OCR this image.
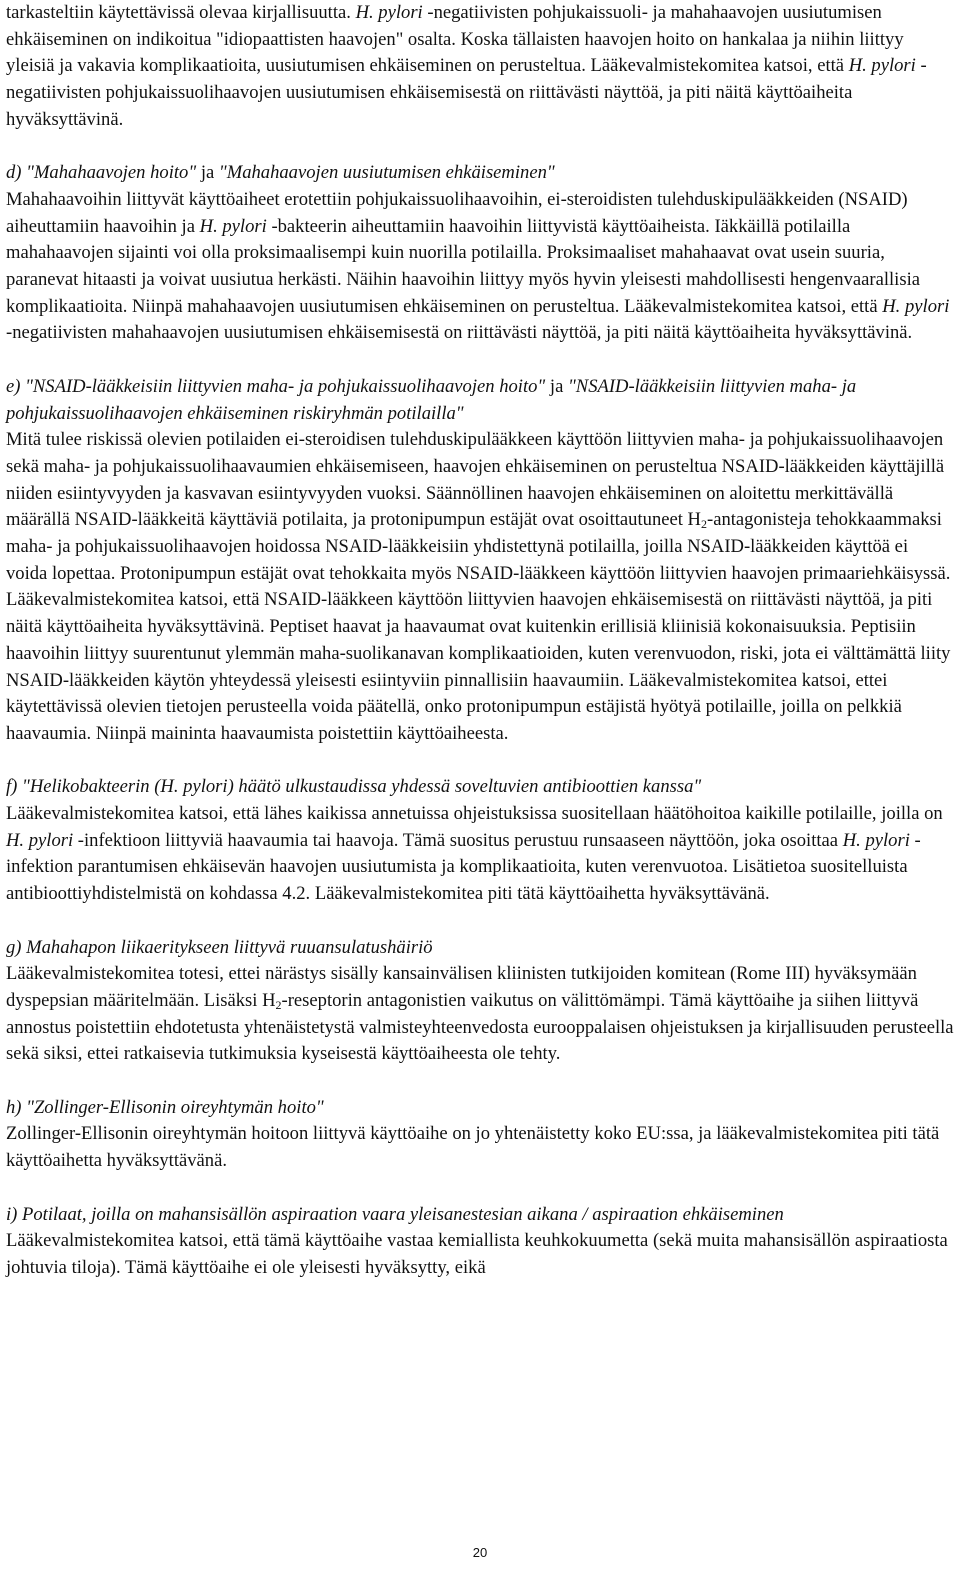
tarkasteltiin käytettävissä olevaa kirjallisuutta. H. pylori -negatiivisten pohjukaissuoli- ja mahahaavojen uusiutumisen ehkäiseminen on indikoitua "idiopaattisten haavojen" osalta. Koska tällaisten haavojen hoito on hankalaa ja niihin liittyy yleisiä ja vakavia komplikaatioita, uusiutumisen ehkäiseminen on perusteltua. Lääkevalmistekomitea katsoi, että H. pylori -negatiivisten pohjukaissuolihaavojen uusiutumisen ehkäisemisestä on riittävästi näyttöä, ja piti näitä käyttöaiheita hyväksyttävinä.

d) "Mahahaavojen hoito" ja "Mahahaavojen uusiutumisen ehkäiseminen"

Mahahaavoihin liittyvät käyttöaiheet erotettiin pohjukaissuolihaavoihin, ei-steroidisten tulehduskipulääkkeiden (NSAID) aiheuttamiin haavoihin ja H. pylori -bakteerin aiheuttamiin haavoihin liittyvistä käyttöaiheista. Iäkkäillä potilailla mahahaavojen sijainti voi olla proksimaalisempi kuin nuorilla potilailla. Proksimaaliset mahahaavat ovat usein suuria, paranevat hitaasti ja voivat uusiutua herkästi. Näihin haavoihin liittyy myös hyvin yleisesti mahdollisesti hengenvaarallisia komplikaatioita. Niinpä mahahaavojen uusiutumisen ehkäiseminen on perusteltua. Lääkevalmistekomitea katsoi, että H. pylori -negatiivisten mahahaavojen uusiutumisen ehkäisemisestä on riittävästi näyttöä, ja piti näitä käyttöaiheita hyväksyttävinä.

e) "NSAID-lääkkeisiin liittyvien maha- ja pohjukaissuolihaavojen hoito" ja "NSAID-lääkkeisiin liittyvien maha- ja pohjukaissuolihaavojen ehkäiseminen riskiryhmän potilailla"

Mitä tulee riskissä olevien potilaiden ei-steroidisen tulehduskipulääkkeen käyttöön liittyvien maha- ja pohjukaissuolihaavojen sekä maha- ja pohjukaissuolihaavaumien ehkäisemiseen, haavojen ehkäiseminen on perusteltua NSAID-lääkkeiden käyttäjillä niiden esiintyvyyden ja kasvavan esiintyvyyden vuoksi. Säännöllinen haavojen ehkäiseminen on aloitettu merkittävällä määrällä NSAID-lääkkeitä käyttäviä potilaita, ja protonipumpun estäjät ovat osoittautuneet $H_2$-antagonisteja tehokkaammaksi maha- ja pohjukaissuolihaavojen hoidossa NSAID-lääkkeisiin yhdistettynä potilailla, joilla NSAID-lääkkeiden käyttöä ei voida lopettaa. Protonipumpun estäjät ovat tehokkaita myös NSAID-lääkkeen käyttöön liittyvien haavojen primaariehkäisyssä. Lääkevalmistekomitea katsoi, että NSAID-lääkkeen käyttöön liittyvien haavojen ehkäisemisestä on riittävästi näyttöä, ja piti näitä käyttöaiheita hyväksyttävinä. Peptiset haavat ja haavaumat ovat kuitenkin erillisiä kliinisiä kokonaisuuksia. Peptisiin haavoihin liittyy suurentunut ylemmän maha-suolikanavan komplikaatioiden, kuten verenvuodon, riski, jota ei välttämättä liity NSAID-lääkkeiden käytön yhteydessä yleisesti esiintyviin pinnallisiin haavaumiin. Lääkevalmistekomitea katsoi, ettei käytettävissä olevien tietojen perusteella voida päätellä, onko protonipumpun estäjistä hyötyä potilaille, joilla on pelkkiä haavaumia. Niinpä maininta haavaumista poistettiin käyttöaiheesta.

f) "Helikobakteerin (H. pylori) häätö ulkustaudissa yhdessä soveltuvien antibioottien kanssa"

Lääkevalmistekomitea katsoi, että lähes kaikissa annetuissa ohjeistuksissa suositellaan häätöhoitoa kaikille potilaille, joilla on H. pylori -infektioon liittyviä haavaumia tai haavoja. Tämä suositus perustuu runsaaseen näyttöön, joka osoittaa H. pylori -infektion parantumisen ehkäisevän haavojen uusiutumista ja komplikaatioita, kuten verenvuotoa. Lisätietoa suositelluista antibioottiyhdistelmistä on kohdassa 4.2. Lääkevalmistekomitea piti tätä käyttöaihetta hyväksyttävänä.

g) Mahahapon liikaeritykseen liittyvä ruuansulatushäiriö

Lääkevalmistekomitea totesi, ettei närästys sisälly kansainvälisen kliinisten tutkijoiden komitean (Rome III) hyväksymään dyspepsian määritelmään. Lisäksi $H_2$-reseptorin antagonistien vaikutus on välittömämpi. Tämä käyttöaihe ja siihen liittyvä annostus poistettiin ehdotetusta yhtenäistetystä valmisteyhteenvedosta eurooppalaisen ohjeistuksen ja kirjallisuuden perusteella sekä siksi, ettei ratkaisevia tutkimuksia kyseisestä käyttöaiheesta ole tehty.

h) "Zollinger-Ellisonin oireyhtymän hoito"

Zollinger-Ellisonin oireyhtymän hoitoon liittyvä käyttöaihe on jo yhtenäistetty koko EU:ssa, ja lääkevalmistekomitea piti tätä käyttöaihetta hyväksyttävänä.

i) Potilaat, joilla on mahansisällön aspiraation vaara yleisanestesian aikana / aspiraation ehkäiseminen

Lääkevalmistekomitea katsoi, että tämä käyttöaihe vastaa kemiallista keuhkokuumetta (sekä muita mahansisällön aspiraatiosta johtuvia tiloja). Tämä käyttöaihe ei ole yleisesti hyväksytty, eikä

20
